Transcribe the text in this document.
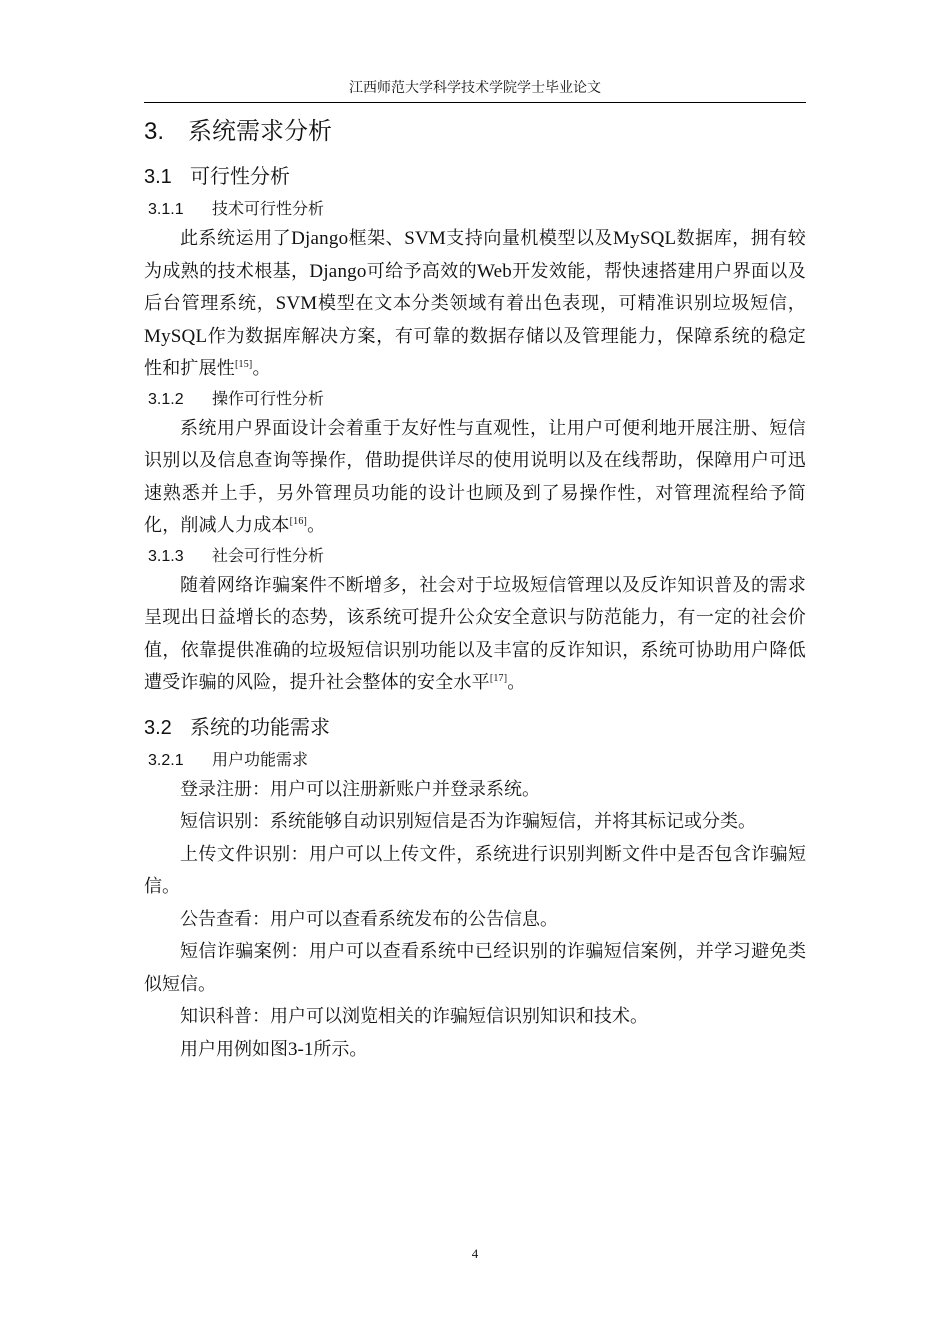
江西师范大学科学技术学院学士毕业论文
3. 系统需求分析
3.1 可行性分析
3.1.1	技术可行性分析

此系统运用了Django框架、SVM支持向量机模型以及MySQL数据库，拥有较为成熟的技术根基，Django可给予高效的Web开发效能，帮快速搭建用户界面以及后台管理系统，SVM模型在文本分类领域有着出色表现，可精准识别垃圾短信，MySQL作为数据库解决方案，有可靠的数据存储以及管理能力，保障系统的稳定性和扩展性[15]。

3.1.2	操作可行性分析

系统用户界面设计会着重于友好性与直观性，让用户可便利地开展注册、短信识别以及信息查询等操作，借助提供详尽的使用说明以及在线帮助，保障用户可迅速熟悉并上手，另外管理员功能的设计也顾及到了易操作性，对管理流程给予简化，削减人力成本[16]。

3.1.3	社会可行性分析

随着网络诈骗案件不断增多，社会对于垃圾短信管理以及反诈知识普及的需求呈现出日益增长的态势，该系统可提升公众安全意识与防范能力，有一定的社会价值，依靠提供准确的垃圾短信识别功能以及丰富的反诈知识，系统可协助用户降低遭受诈骗的风险，提升社会整体的安全水平[17]。

3.2 系统的功能需求
3.2.1	用户功能需求

登录注册：用户可以注册新账户并登录系统。

短信识别：系统能够自动识别短信是否为诈骗短信，并将其标记或分类。

上传文件识别：用户可以上传文件，系统进行识别判断文件中是否包含诈骗短信。

公告查看：用户可以查看系统发布的公告信息。

短信诈骗案例：用户可以查看系统中已经识别的诈骗短信案例，并学习避免类似短信。

知识科普：用户可以浏览相关的诈骗短信识别知识和技术。

用户用例如图3-1所示。

4
